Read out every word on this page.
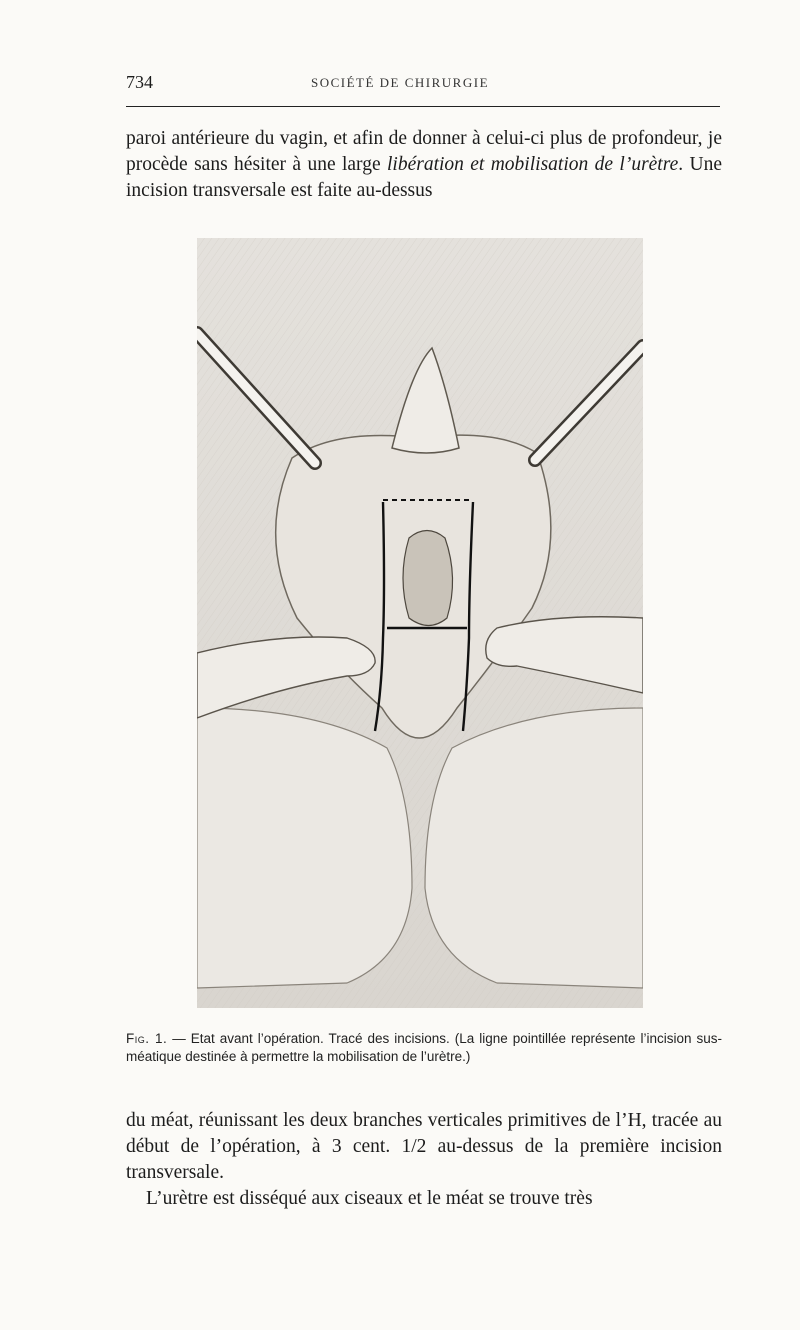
734	SOCIÉTÉ DE CHIRURGIE
paroi antérieure du vagin, et afin de donner à celui-ci plus de profondeur, je procède sans hésiter à une large libération et mobilisation de l’urètre. Une incision transversale est faite au-dessus
Fig. 1. — Etat avant l’opération. Tracé des incisions. (La ligne pointillée représente l’incision sus-méatique destinée à permettre la mobilisation de l’urètre.)

du méat, réunissant les deux branches verticales primitives de l’H, tracée au début de l’opération, à 3 cent. 1/2 au-dessus de la première incision transversale.

L’urètre est disséqué aux ciseaux et le méat se trouve très
